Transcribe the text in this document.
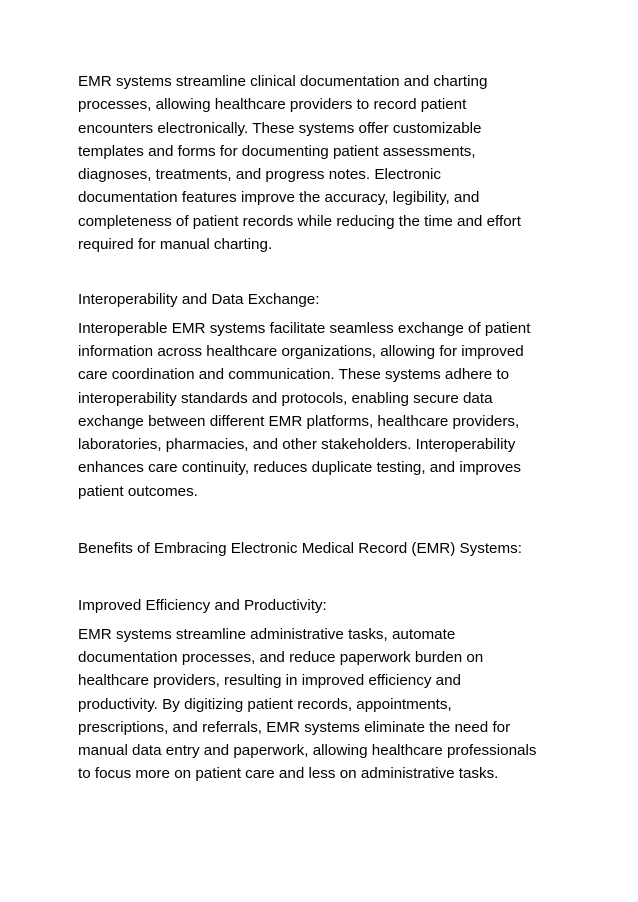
EMR systems streamline clinical documentation and charting
processes, allowing healthcare providers to record patient
encounters electronically. These systems offer customizable
templates and forms for documenting patient assessments,
diagnoses, treatments, and progress notes. Electronic
documentation features improve the accuracy, legibility, and
completeness of patient records while reducing the time and effort
required for manual charting.

Interoperability and Data Exchange:

Interoperable EMR systems facilitate seamless exchange of patient
information across healthcare organizations, allowing for improved
care coordination and communication. These systems adhere to
interoperability standards and protocols, enabling secure data
exchange between different EMR platforms, healthcare providers,
laboratories, pharmacies, and other stakeholders. Interoperability
enhances care continuity, reduces duplicate testing, and improves
patient outcomes.

Benefits of Embracing Electronic Medical Record (EMR) Systems:

Improved Efficiency and Productivity:

EMR systems streamline administrative tasks, automate
documentation processes, and reduce paperwork burden on
healthcare providers, resulting in improved efficiency and
productivity. By digitizing patient records, appointments,
prescriptions, and referrals, EMR systems eliminate the need for
manual data entry and paperwork, allowing healthcare professionals
to focus more on patient care and less on administrative tasks.
